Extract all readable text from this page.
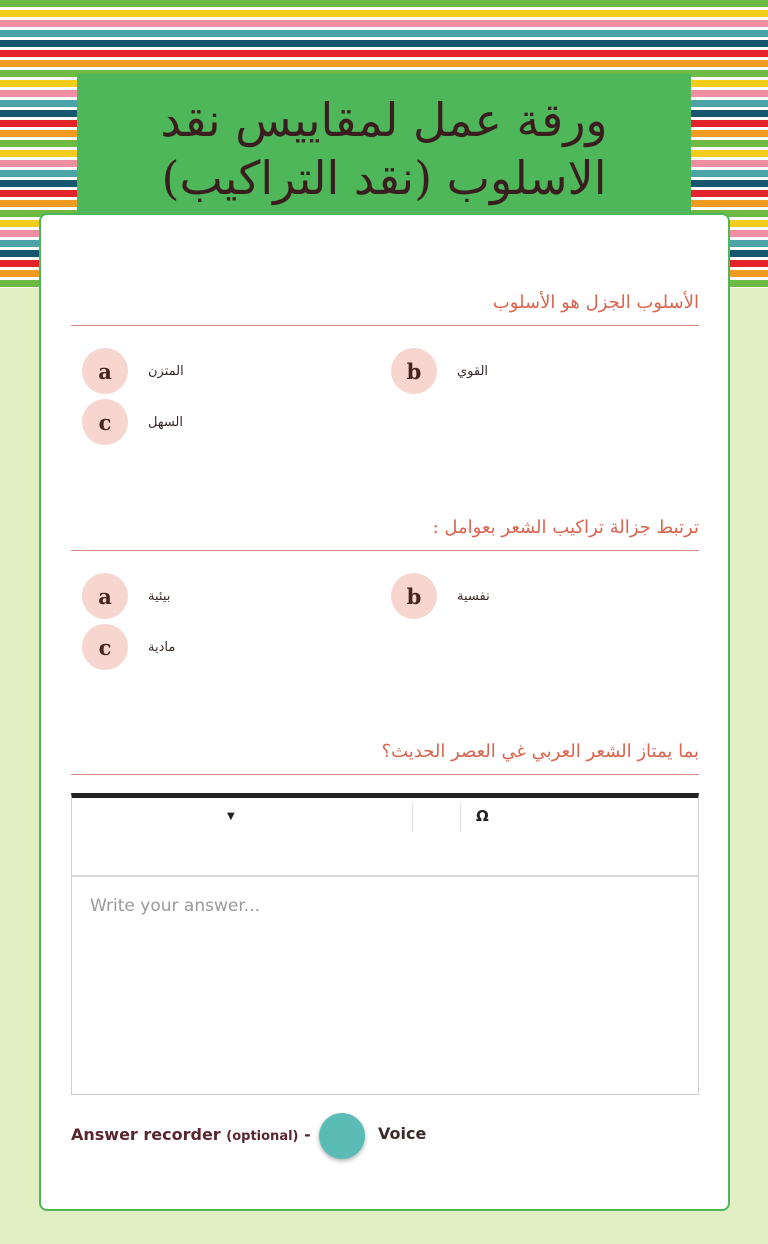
ورقة عمل لمقاييس نقد الاسلوب (نقد التراكيب)
الأسلوب الجزل هو الأسلوب
a	المتزن	b	القوي
c	السهل
ترتبط جزالة تراكيب الشعر بعوامل :
a	بيئية	b	نفسية
c	مادية
بما يمتاز الشعر العربي غي العصر الحديث؟
▼	Ω
Write your answer...
Answer recorder (optional) -	Voice
